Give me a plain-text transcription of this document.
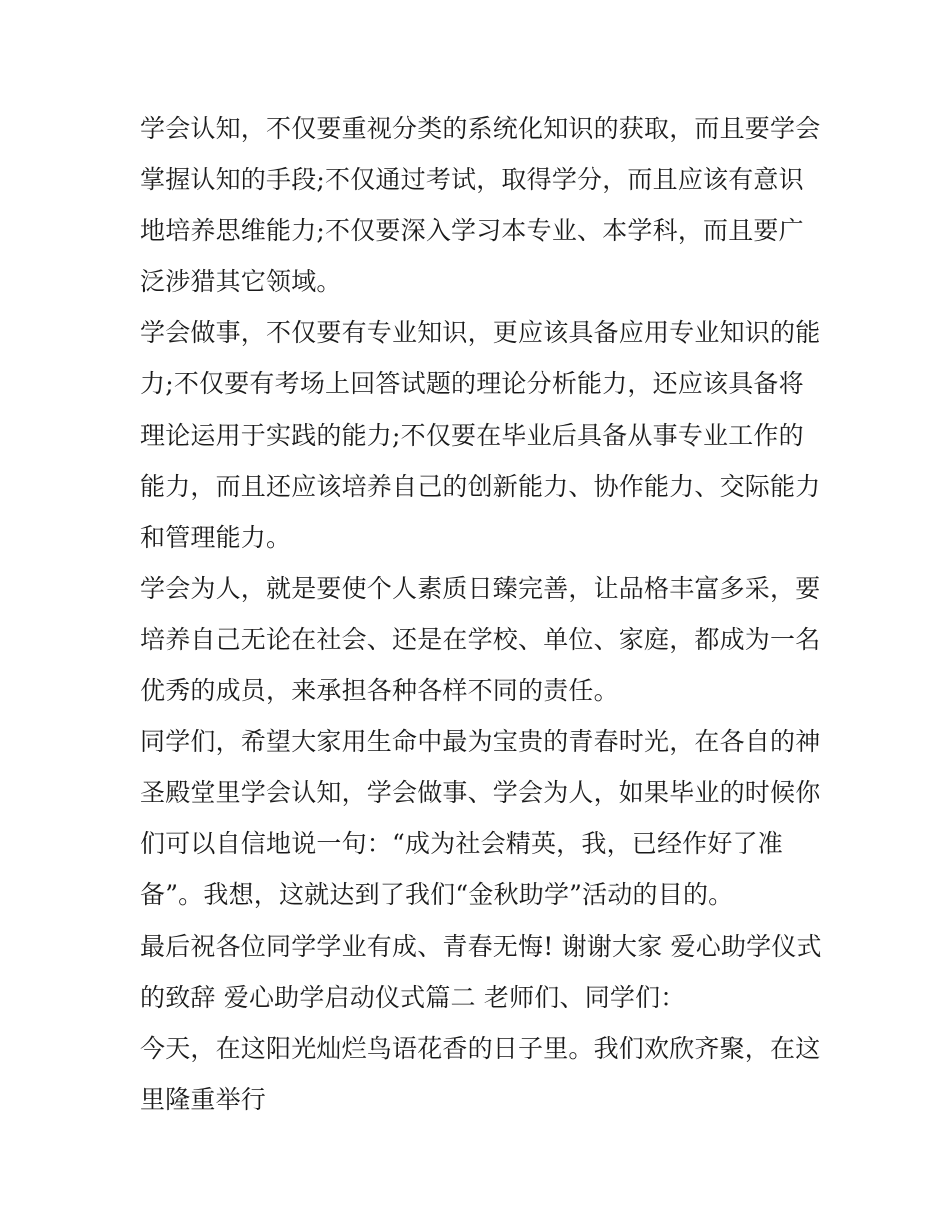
学会认知，不仅要重视分类的系统化知识的获取，而且要学会
掌握认知的手段;不仅通过考试，取得学分，而且应该有意识
地培养思维能力;不仅要深入学习本专业、本学科，而且要广
泛涉猎其它领域。
学会做事，不仅要有专业知识，更应该具备应用专业知识的能
力;不仅要有考场上回答试题的理论分析能力，还应该具备将
理论运用于实践的能力;不仅要在毕业后具备从事专业工作的
能力，而且还应该培养自己的创新能力、协作能力、交际能力
和管理能力。
学会为人，就是要使个人素质日臻完善，让品格丰富多采，要
培养自己无论在社会、还是在学校、单位、家庭，都成为一名
优秀的成员，来承担各种各样不同的责任。
同学们，希望大家用生命中最为宝贵的青春时光，在各自的神
圣殿堂里学会认知，学会做事、学会为人，如果毕业的时候你
们可以自信地说一句：“成为社会精英，我，已经作好了准
备”。我想，这就达到了我们“金秋助学”活动的目的。
最后祝各位同学学业有成、青春无悔! 谢谢大家 爱心助学仪式
的致辞 爱心助学启动仪式篇二 老师们、同学们：
今天，在这阳光灿烂鸟语花香的日子里。我们欢欣齐聚，在这
里隆重举行
